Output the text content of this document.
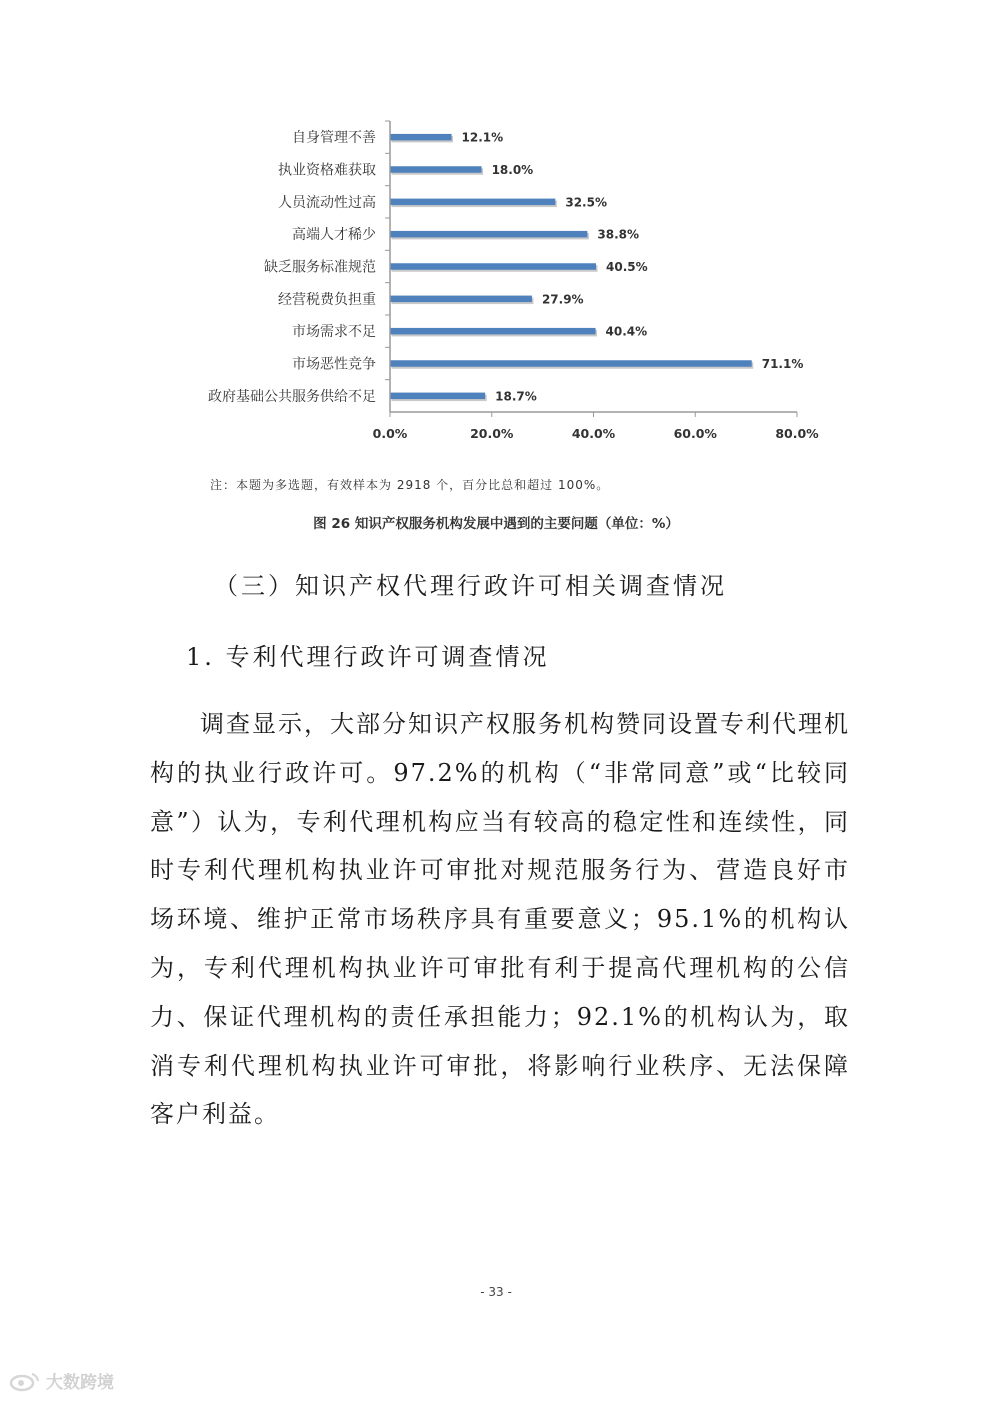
自身管理不善	12.1%
执业资格难获取	18.0%
人员流动性过高	32.5%
高端人才稀少	38.8%
缺乏服务标准规范	40.5%
经营税费负担重	27.9%
市场需求不足	40.4%
市场恶性竞争	71.1%
政府基础公共服务供给不足	18.7%
0.0%	20.0%	40.0%	60.0%	80.0%
注：本题为多选题，有效样本为 2918 个，百分比总和超过 100%。
图 26 知识产权服务机构发展中遇到的主要问题（单位：%）
（三）知识产权代理行政许可相关调查情况
1. 专利代理行政许可调查情况

调查显示，大部分知识产权服务机构赞同设置专利代理机构的执业行政许可。97.2%的机构（“非常同意”或“比较同意”）认为，专利代理机构应当有较高的稳定性和连续性，同时专利代理机构执业许可审批对规范服务行为、营造良好市场环境、维护正常市场秩序具有重要意义；95.1%的机构认为，专利代理机构执业许可审批有利于提高代理机构的公信力、保证代理机构的责任承担能力；92.1%的机构认为，取消专利代理机构执业许可审批，将影响行业秩序、无法保障客户利益。

- 33 -
大数跨境
